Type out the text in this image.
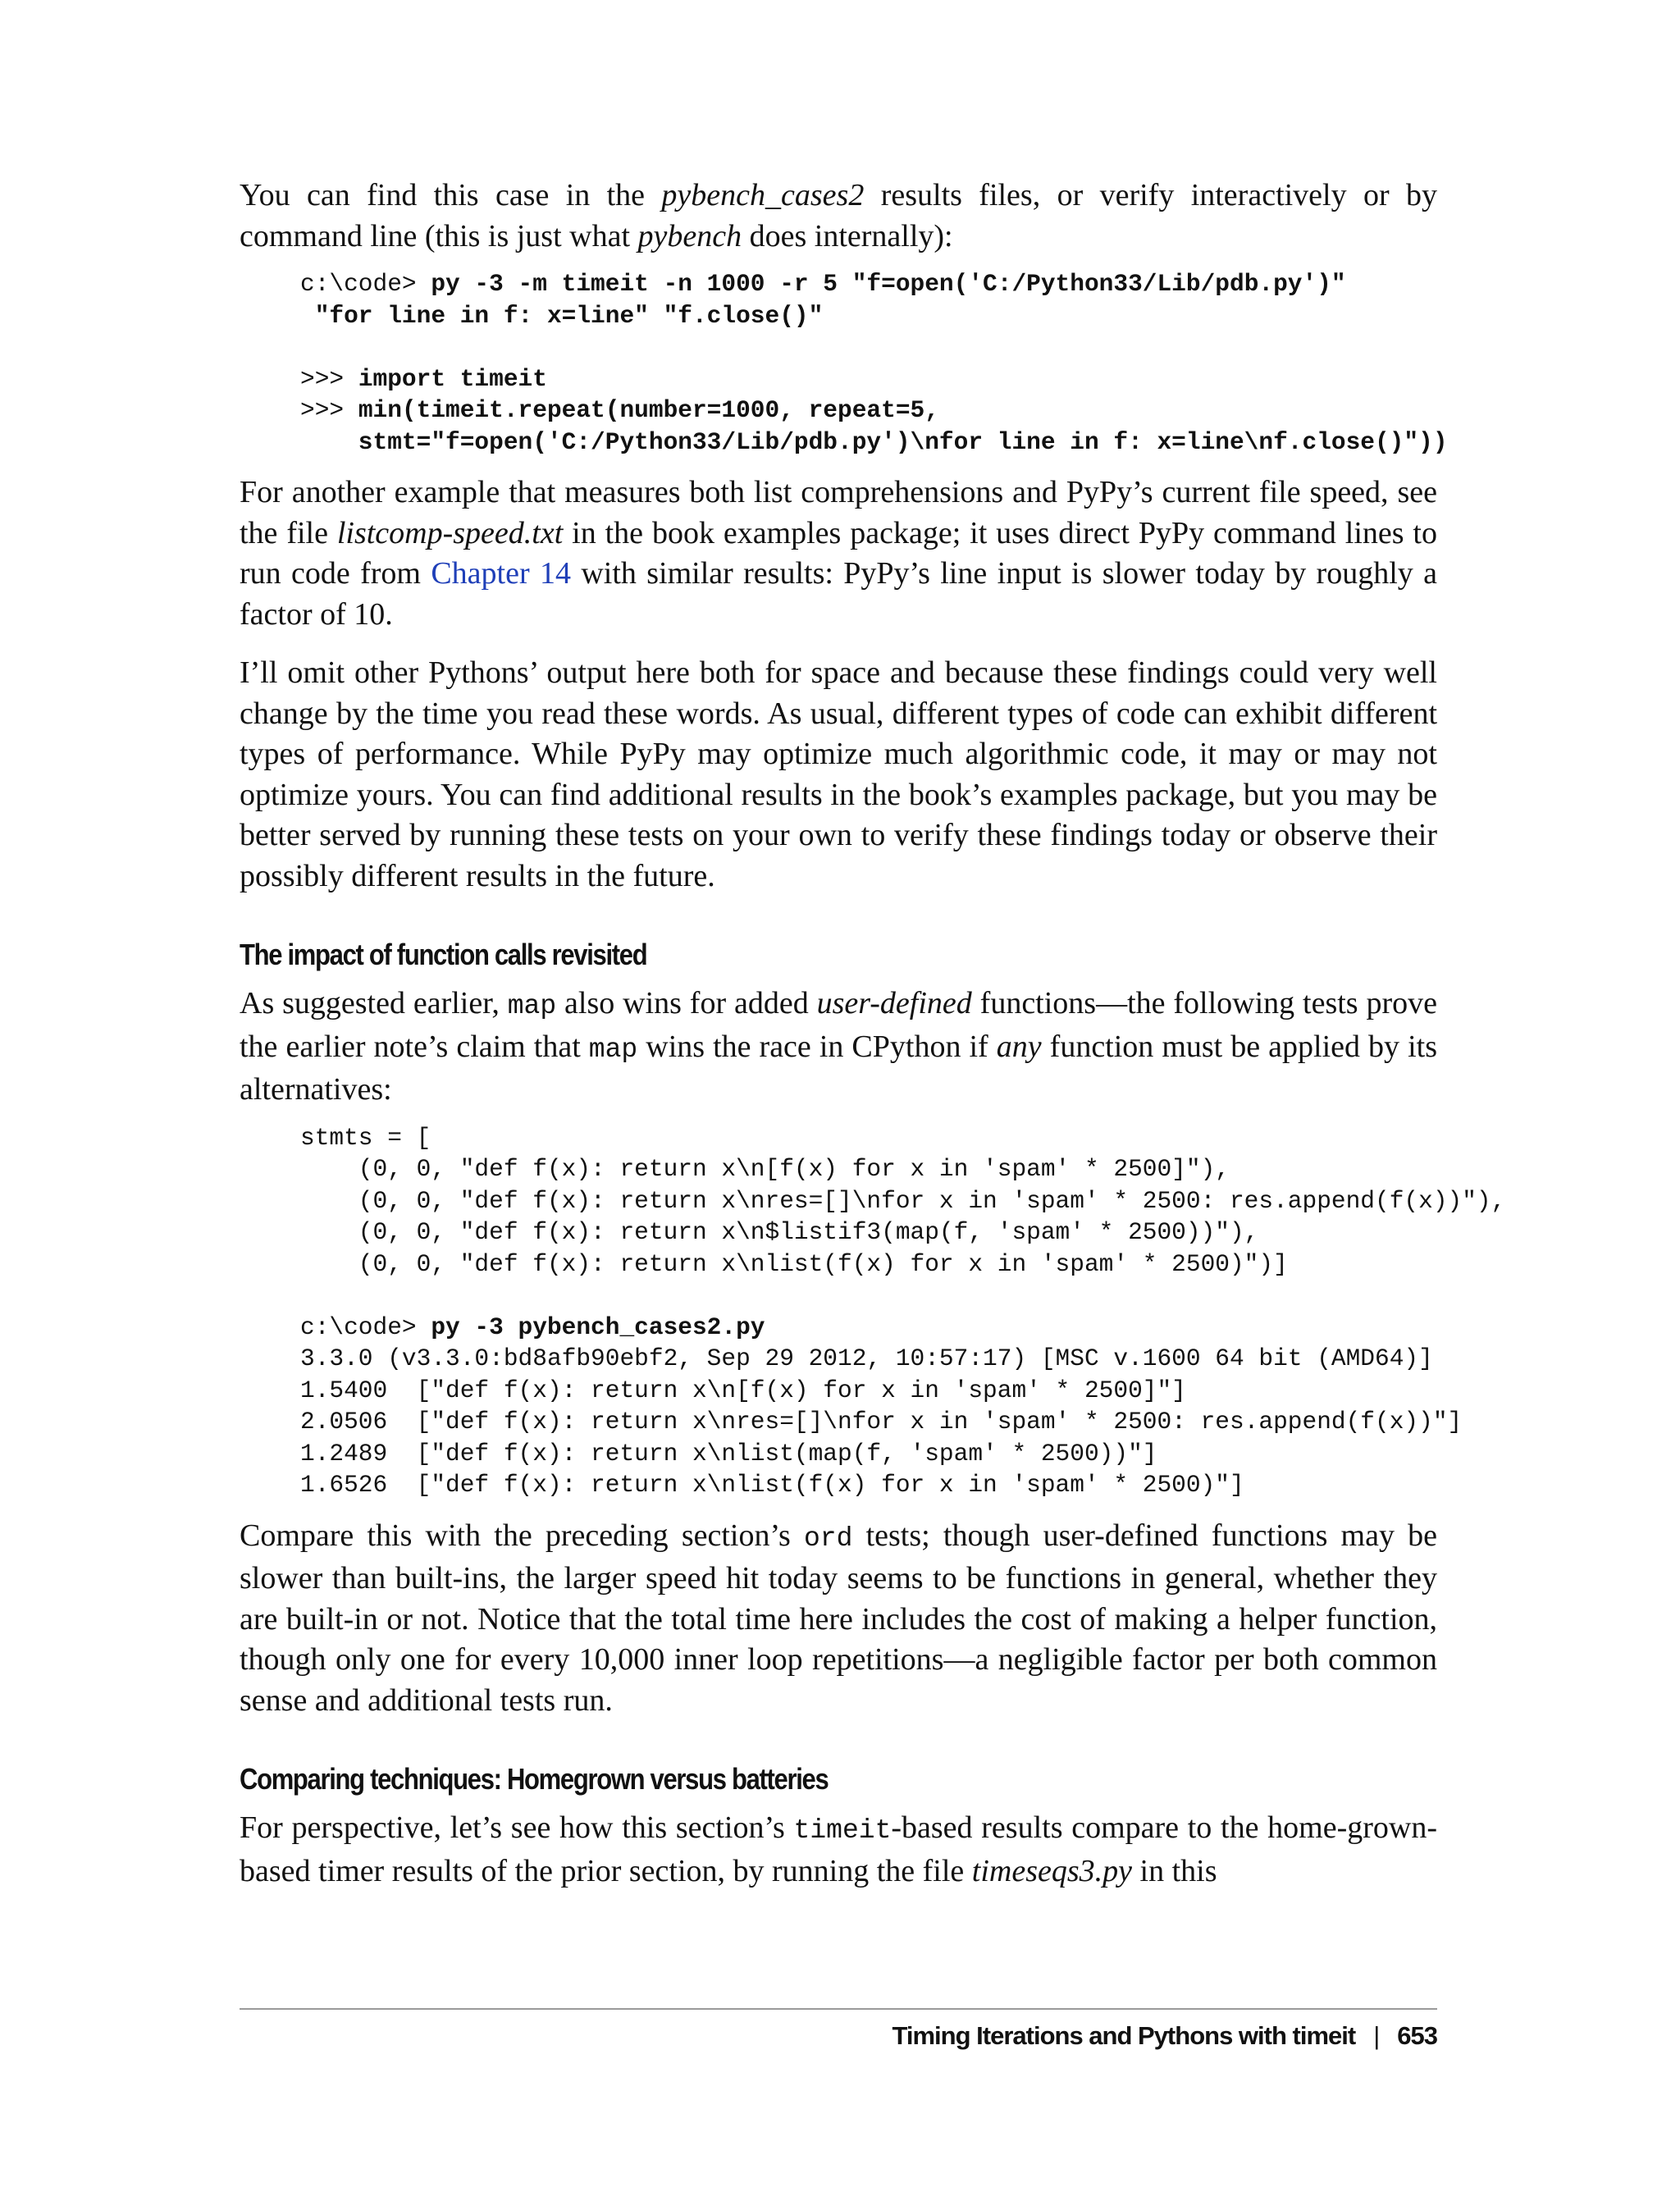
You can find this case in the pybench_cases2 results files, or verify interactively or by command line (this is just what pybench does internally):

c:\code> py -3 -m timeit -n 1000 -r 5 "f=open('C:/Python33/Lib/pdb.py')"
"for line in f: x=line" "f.close()"

>>> import timeit
>>> min(timeit.repeat(number=1000, repeat=5,
stmt="f=open('C:/Python33/Lib/pdb.py')\nfor line in f: x=line\nf.close()"))

For another example that measures both list comprehensions and PyPy’s current file speed, see the file listcomp-speed.txt in the book examples package; it uses direct PyPy command lines to run code from Chapter 14 with similar results: PyPy’s line input is slower today by roughly a factor of 10.

I’ll omit other Pythons’ output here both for space and because these findings could very well change by the time you read these words. As usual, different types of code can exhibit different types of performance. While PyPy may optimize much algorithmic code, it may or may not optimize yours. You can find additional results in the book’s examples package, but you may be better served by running these tests on your own to verify these findings today or observe their possibly different results in the future.

The impact of function calls revisited

As suggested earlier, map also wins for added user-defined functions—the following tests prove the earlier note’s claim that map wins the race in CPython if any function must be applied by its alternatives:

stmts = [
(0, 0, "def f(x): return x\n[f(x) for x in 'spam' * 2500]"),
(0, 0, "def f(x): return x\nres=[]\nfor x in 'spam' * 2500: res.append(f(x))"),
(0, 0, "def f(x): return x\n$listif3(map(f, 'spam' * 2500))"),
(0, 0, "def f(x): return x\nlist(f(x) for x in 'spam' * 2500)")]

c:\code> py -3 pybench_cases2.py
3.3.0 (v3.3.0:bd8afb90ebf2, Sep 29 2012, 10:57:17) [MSC v.1600 64 bit (AMD64)]
1.5400  ["def f(x): return x\n[f(x) for x in 'spam' * 2500]"]
2.0506  ["def f(x): return x\nres=[]\nfor x in 'spam' * 2500: res.append(f(x))"]
1.2489  ["def f(x): return x\nlist(map(f, 'spam' * 2500))"]
1.6526  ["def f(x): return x\nlist(f(x) for x in 'spam' * 2500)"]

Compare this with the preceding section’s ord tests; though user-defined functions may be slower than built-ins, the larger speed hit today seems to be functions in general, whether they are built-in or not. Notice that the total time here includes the cost of making a helper function, though only one for every 10,000 inner loop repetitions—a negligible factor per both common sense and additional tests run.

Comparing techniques: Homegrown versus batteries

For perspective, let’s see how this section’s timeit-based results compare to the home‑grown-based timer results of the prior section, by running the file timeseqs3.py in this

Timing Iterations and Pythons with timeit | 653
